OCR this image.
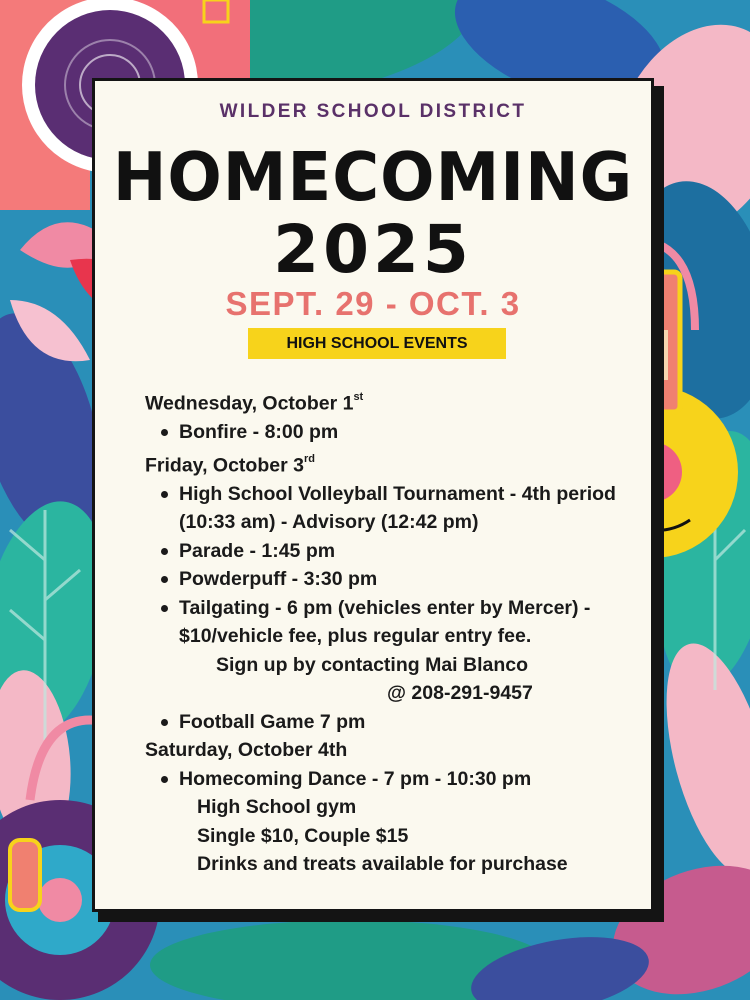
WILDER SCHOOL DISTRICT
HOMECOMING
2025
SEPT. 29 - OCT. 3
HIGH SCHOOL EVENTS
Wednesday, October 1st
Bonfire - 8:00 pm
Friday, October 3rd
High School Volleyball Tournament - 4th period (10:33 am) - Advisory (12:42 pm)
Parade - 1:45 pm
Powderpuff - 3:30 pm
Tailgating - 6 pm (vehicles enter by Mercer) - $10/vehicle fee, plus regular entry fee.
Sign up by contacting Mai Blanco
@ 208-291-9457
Football Game 7 pm
Saturday, October 4th
Homecoming Dance - 7 pm - 10:30 pm
High School gym
Single $10, Couple $15
Drinks and treats available for purchase
